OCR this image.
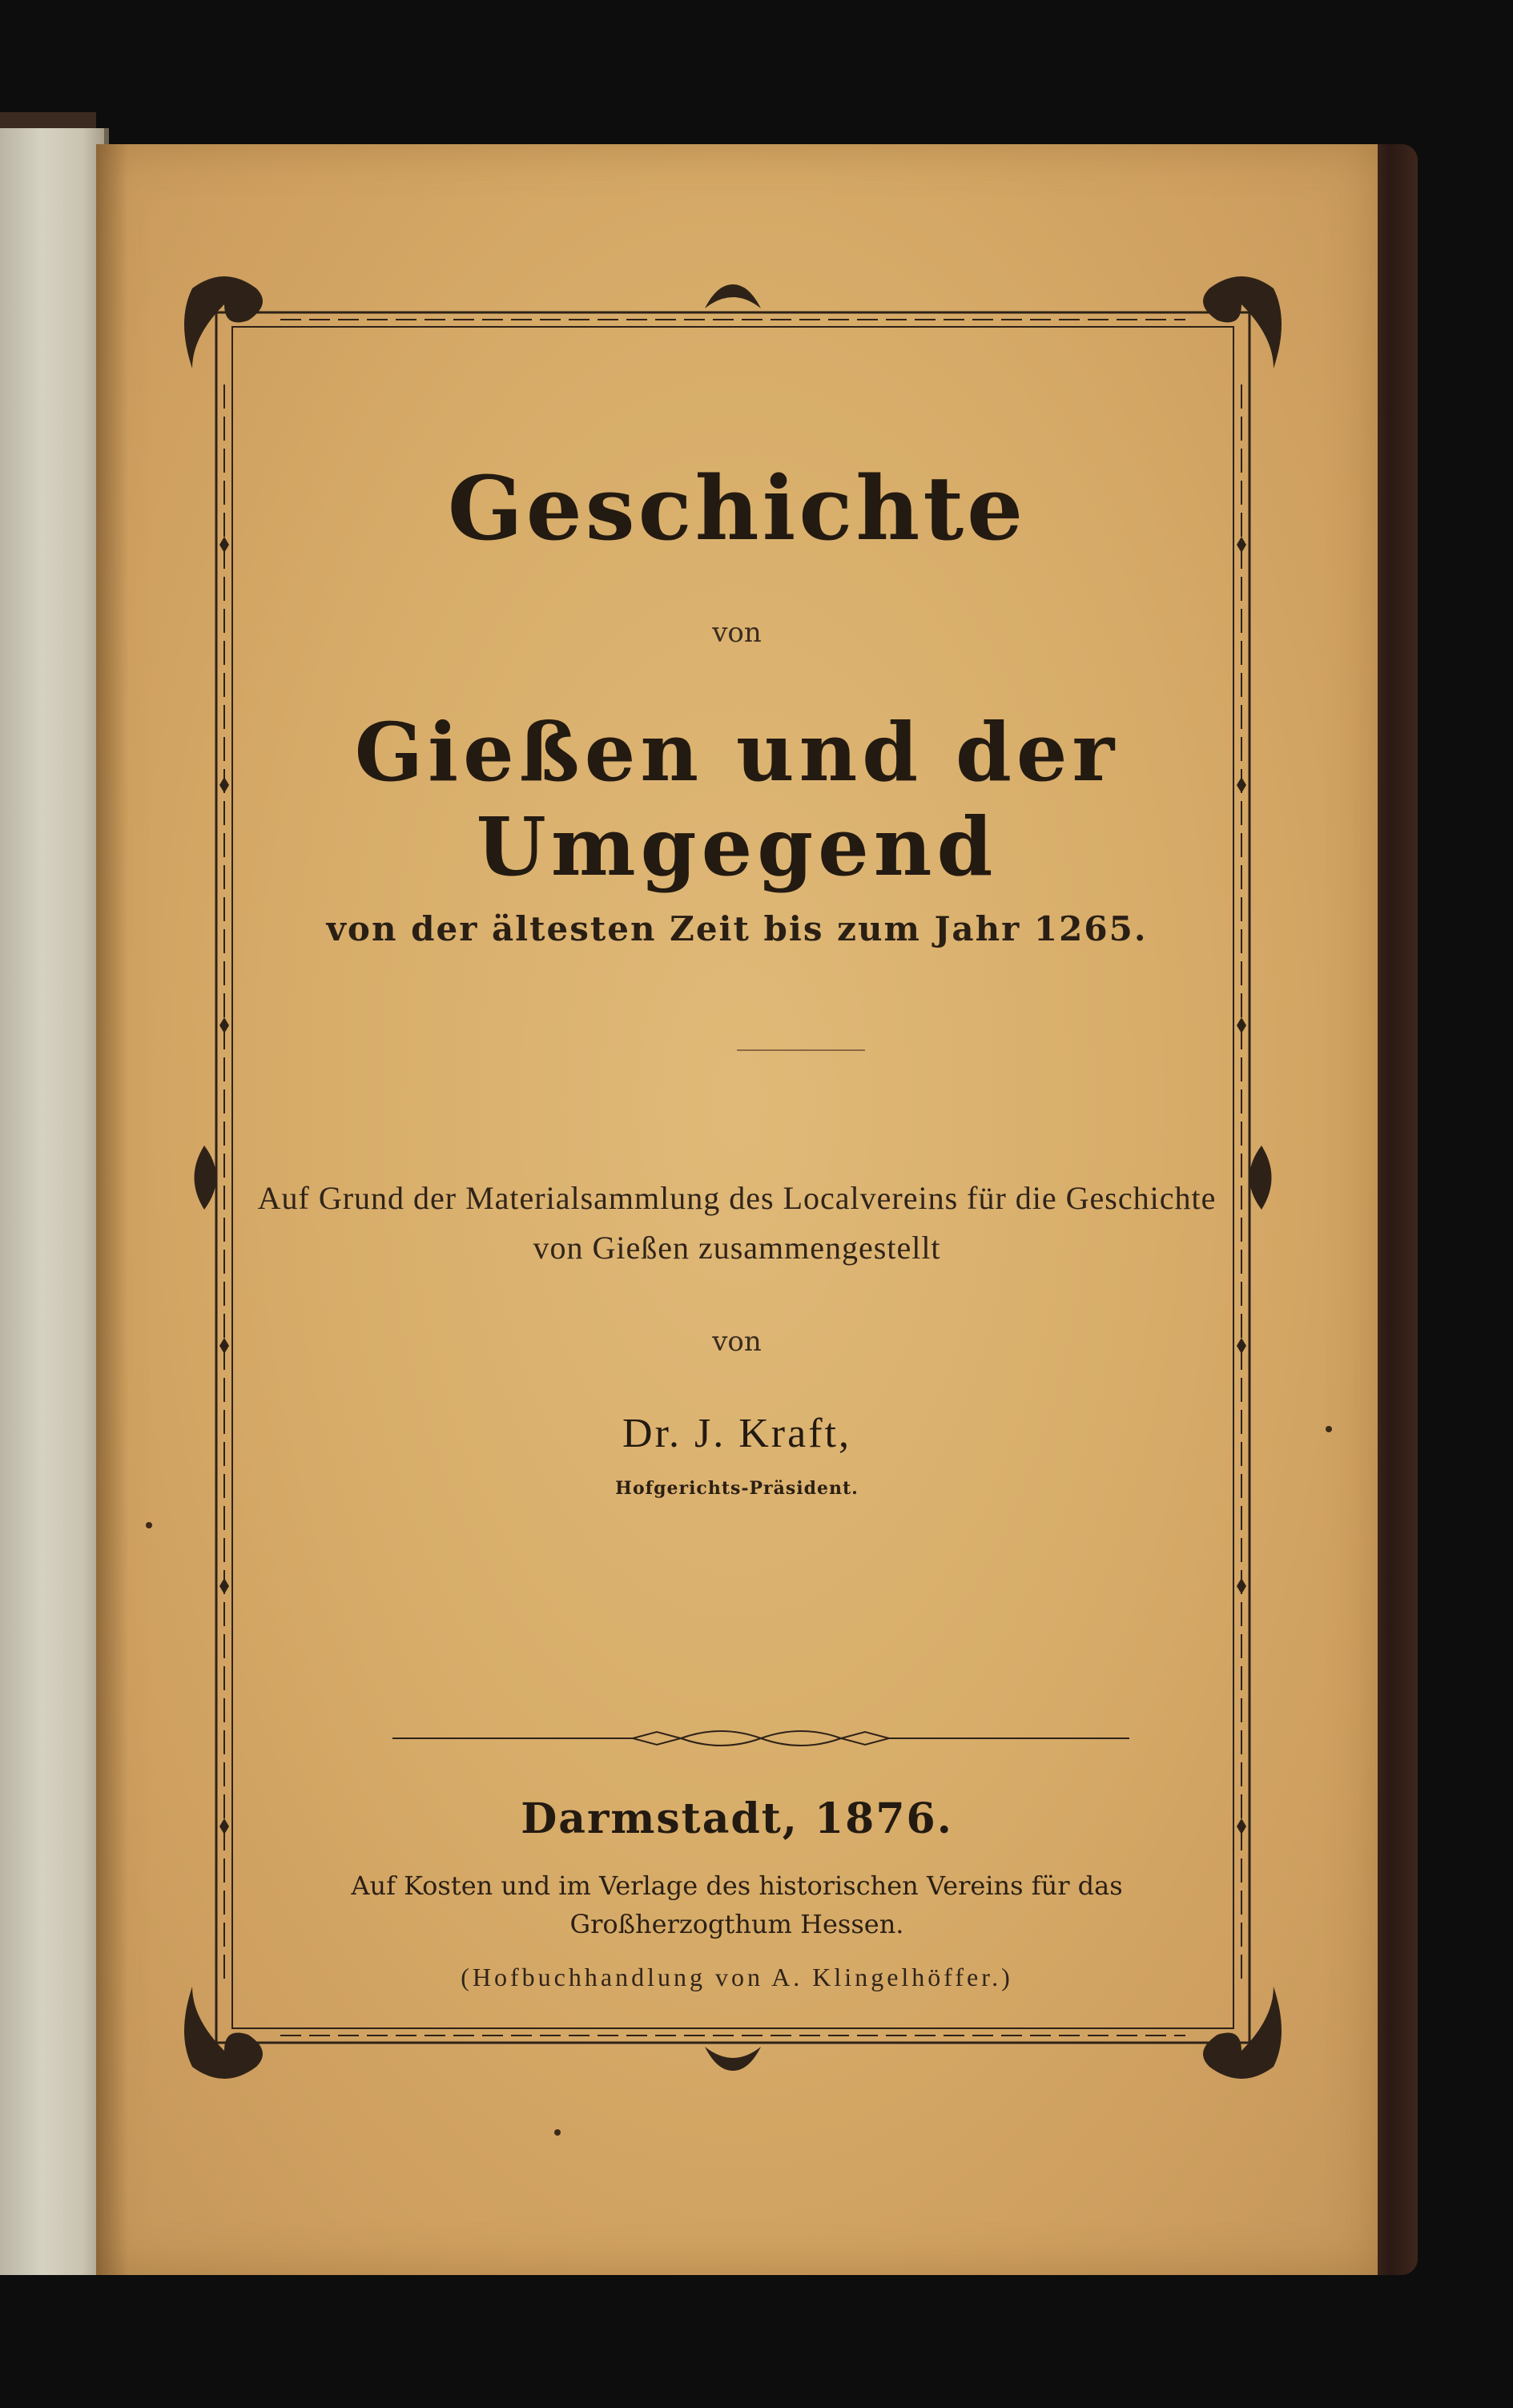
Geschichte
von
Gießen und der Umgegend
von der ältesten Zeit bis zum Jahr 1265.
Auf Grund der Materialsammlung des Localvereins für die Geschichte
von Gießen zusammengestellt
von
Dr. J. Kraft,
Hofgerichts-Präsident.
Darmstadt, 1876.
Auf Kosten und im Verlage des historischen Vereins für das
Großherzogthum Hessen.
(Hofbuchhandlung von A. Klingelhöffer.)
